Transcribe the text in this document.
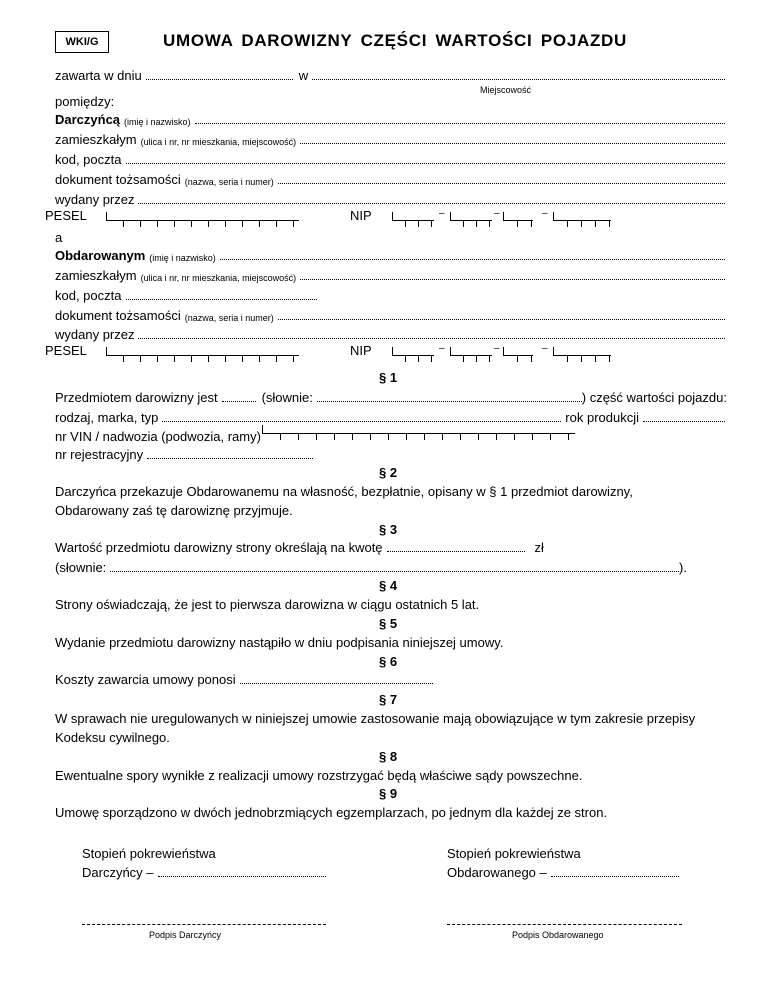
WKI/G	UMOWA DAROWIZNY CZĘŚCI WARTOŚCI POJAZDU
zawarta w dniu	w
Miejscowość
pomiędzy:
Darczyńcą (imię i nazwisko)
zamieszkałym (ulica i nr, nr mieszkania, miejscowość)
kod, poczta
dokument tożsamości (nazwa, seria i numer)
wydany przez
PESEL	NIP	–	–	–
a
Obdarowanym (imię i nazwisko)
zamieszkałym (ulica i nr, nr mieszkania, miejscowość)
kod, poczta
dokument tożsamości (nazwa, seria i numer)
wydany przez
PESEL	NIP	–	–	–
§ 1
Przedmiotem darowizny jest	(słownie:	) część wartości pojazdu:
rodzaj, marka, typ	rok produkcji
nr VIN / nadwozia (podwozia, ramy)
nr rejestracyjny
§ 2
Darczyńca przekazuje Obdarowanemu na własność, bezpłatnie, opisany w § 1 przedmiot darowizny,
Obdarowany zaś tę darowiznę przyjmuje.
§ 3
Wartość przedmiotu darowizny strony określają na kwotę	zł
(słownie:	).
§ 4
Strony oświadczają, że jest to pierwsza darowizna w ciągu ostatnich 5 lat.
§ 5
Wydanie przedmiotu darowizny nastąpiło w dniu podpisania niniejszej umowy.
§ 6
Koszty zawarcia umowy ponosi
§ 7
W sprawach nie uregulowanych w niniejszej umowie zastosowanie mają obowiązujące w tym zakresie przepisy
Kodeksu cywilnego.
§ 8
Ewentualne spory wynikłe z realizacji umowy rozstrzygać będą właściwe sądy powszechne.
§ 9
Umowę sporządzono w dwóch jednobrzmiących egzemplarzach, po jednym dla każdej ze stron.
Stopień pokrewieństwa
Darczyńcy –
Stopień pokrewieństwa
Obdarowanego –
Podpis Darczyńcy	Podpis Obdarowanego
